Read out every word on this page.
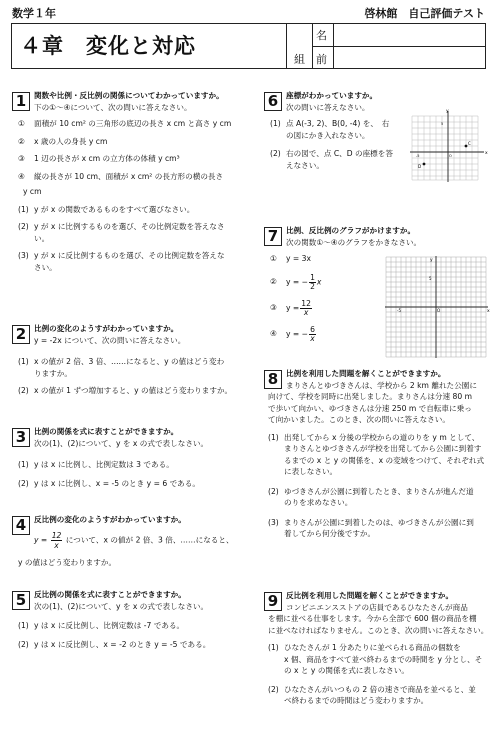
数学１年	啓林館　自己評価テスト
４章　変化と対応
組
名
前
1	関数や比例・反比例の関係についてわかっていますか。

下の①～④について、次の問いに答えなさい。

① 面積が 10 cm² の三角形の底辺の長さ x cm と高さ y cm

② x 歳の人の身長 y cm

③ 1 辺の長さが x cm の立方体の体積 y cm³

④ 縦の長さが 10 cm、面積が x cm² の長方形の横の長さ

y cm

(1) y が x の関数であるものをすべて選びなさい。

(2) y が x に比例するものを選び、その比例定数を答えなさ

い。

(3) y が x に反比例するものを選び、その比例定数を答えな

さい。

2	比例の変化のようすがわかっていますか。

y = -2x について、次の問いに答えなさい。

(1) x の値が 2 倍、3 倍、……になると、y の値はどう変わ

りますか。

(2) x の値が 1 ずつ増加すると、y の値はどう変わりますか。

3	比例の関係を式に表すことができますか。

次の(1)、(2)について、y を x の式で表しなさい。

(1) y は x に比例し、比例定数は 3 である。

(2) y は x に比例し、x = -5 のとき y = 6 である。

4	反比例の変化のようすがわかっていますか。

$y = \frac{12}{x}$ について、x の値が 2 倍、3 倍、……になると、

y の値はどう変わりますか。

5	反比例の関係を式に表すことができますか。

次の(1)、(2)について、y を x の式で表しなさい。

(1) y は x に反比例し、比例定数は -7 である。

(2) y は x に反比例し、x = -2 のとき y = -5 である。

6	座標がわかっていますか。

次の問いに答えなさい。

(1) 点 A(-3, 2)、B(0, -4) を、　右

の図にかき入れなさい。

(2) 右の図で、点 C、D の座標を答

えなさい。

x
y
O
5
-5
C
D
7	比例、反比例のグラフがかけますか。

次の関数①～④のグラフをかきなさい。

① y = 3x

② y = − $\frac{1}{2}$ x

③ $y = \frac{12}{x}$

④ y = − $\frac{6}{x}$

x
y
O
5
-5
8	比例を利用した問題を解くことができますか。

まりさんとゆづきさんは、学校から 2 km 離れた公園に

向けて、学校を同時に出発しました。まりさんは分速 80 m

で歩いて向かい、ゆづきさんは分速 250 m で自転車に乗っ

て向かいました。このとき、次の問いに答えなさい。

(1) 出発してから x 分後の学校からの道のりを y m として、

まりさんとゆづきさんが学校を出発してから公園に到着す

るまでの x と y の関係を、x の変域をつけて、それぞれ式

に表しなさい。

(2) ゆづきさんが公園に到着したとき、まりさんが進んだ道

のりを求めなさい。

(3) まりさんが公園に到着したのは、ゆづきさんが公園に到

着してから何分後ですか。

9	反比例を利用した問題を解くことができますか。

コンビニエンスストアの店員であるひなたさんが商品

を棚に並べる仕事をします。今から全部で 600 個の商品を棚

に並べなければなりません。このとき、次の問いに答えなさい。

(1) ひなたさんが 1 分あたりに並べられる商品の個数を

x 個、商品をすべて並べ終わるまでの時間を y 分とし、そ

の x と y の関係を式に表しなさい。

(2) ひなたさんがいつもの 2 倍の速さで商品を並べると、並

べ終わるまでの時間はどう変わりますか。
